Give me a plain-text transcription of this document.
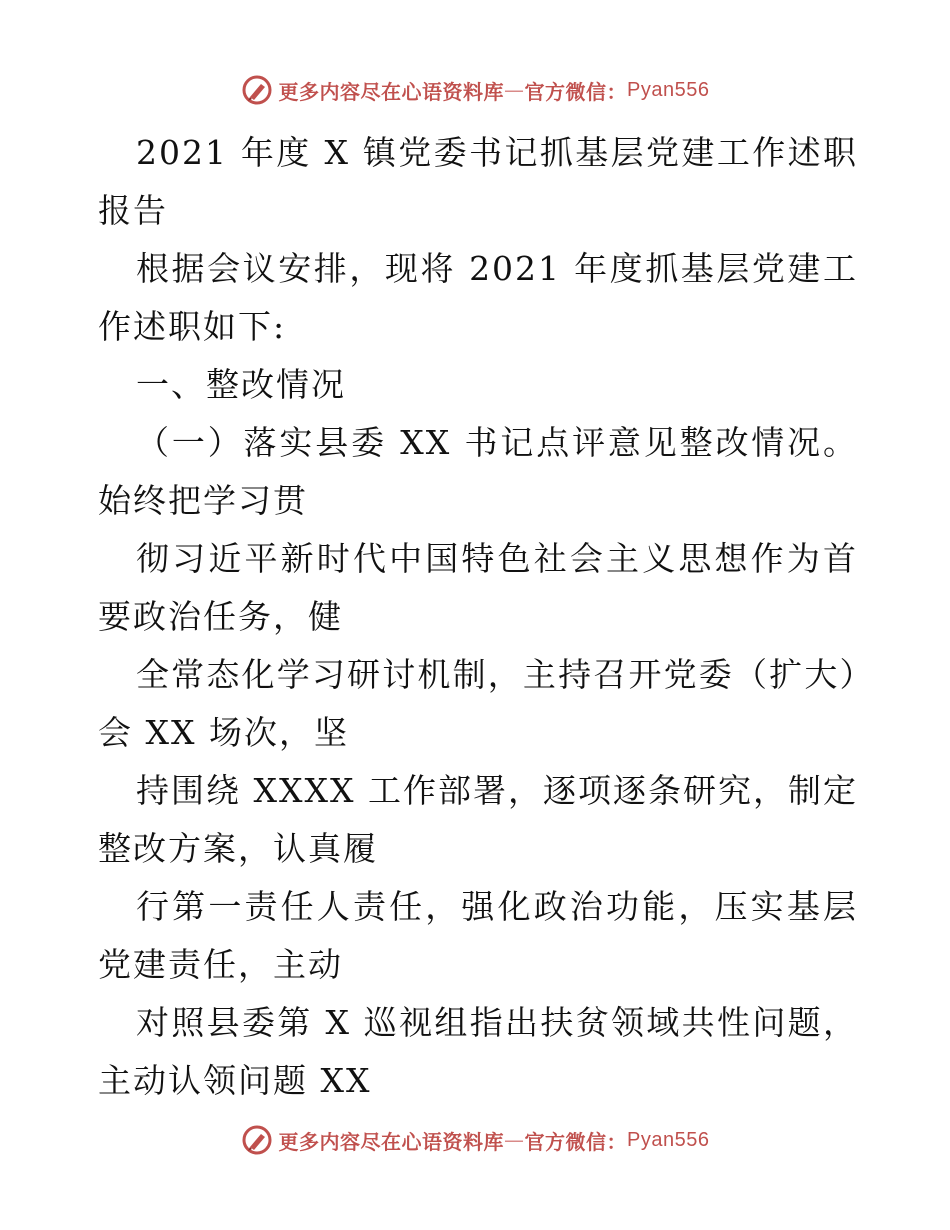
更多内容尽在心语资料库 — 官方微信： Pyan556

2021 年度 X 镇党委书记抓基层党建工作述职报告

根据会议安排，现将 2021 年度抓基层党建工作述职如下:

一、整改情况

（一）落实县委 XX 书记点评意见整改情况。始终把学习贯

彻习近平新时代中国特色社会主义思想作为首要政治任务，健

全常态化学习研讨机制，主持召开党委（扩大）会 XX 场次，坚

持围绕 XXXX 工作部署，逐项逐条研究，制定整改方案，认真履

行第一责任人责任，强化政治功能，压实基层党建责任，主动

对照县委第 X 巡视组指出扶贫领域共性问题，主动认领问题 XX

更多内容尽在心语资料库 — 官方微信： Pyan556
